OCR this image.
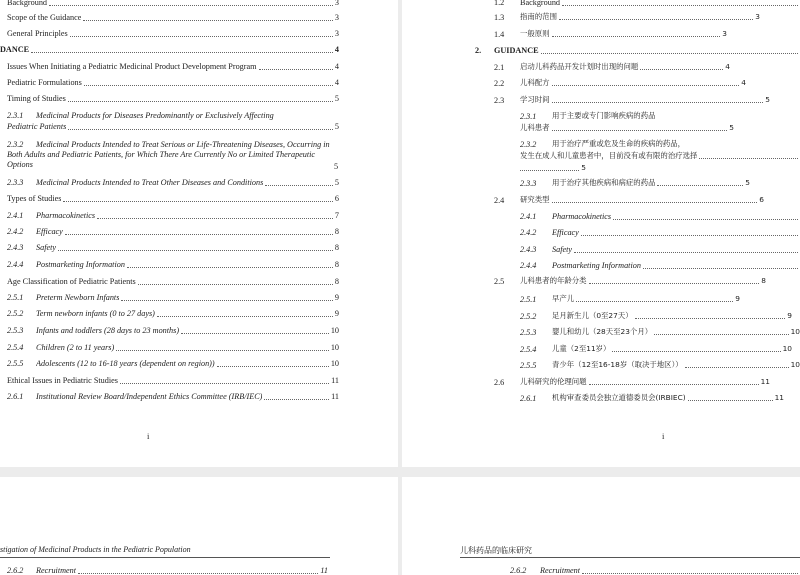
Background	3
Scope of the Guidance	3
General Principles	3
DANCE	4
Issues When Initiating a Pediatric Medicinal Product Development Program	4
Pediatric Formulations	4
Timing of Studies	5
2.3.1 Medicinal Products for Diseases Predominantly or Exclusively Affecting
Pediatric Patients	5
2.3.2	Medicinal Products Intended to Treat Serious or Life-Threatening Diseases, Occurring in Both Adults and Pediatric Patients, for Which There Are Currently No or Limited Therapeutic Options	5
2.3.3 Medicinal Products Intended to Treat Other Diseases and Conditions	5
Types of Studies	6
2.4.1 Pharmacokinetics	7
2.4.2 Efficacy	8
2.4.3 Safety	8
2.4.4 Postmarketing Information	8
Age Classification of Pediatric Patients	8
2.5.1 Preterm Newborn Infants	9
2.5.2 Term newborn infants (0 to 27 days)	9
2.5.3 Infants and toddlers (28 days to 23 months)	10
2.5.4 Children (2 to 11 years)	10
2.5.5 Adolescents (12 to 16-18 years (dependent on region))	10
Ethical Issues in Pediatric Studies	11
2.6.1 Institutional Review Board/Independent Ethics Committee (IRB/IEC)	11
i
1.2 Background
1.3 指南的范围	3
1.4 一般原则	3
2. GUIDANCE
2.1 启动儿科药品开发计划时出现的问题	4
2.2 儿科配方	4
2.3 学习时间	5
2.3.1 用于主要或专门影响疾病的药品
儿科患者	5
2.3.2 用于治疗严重或危及生命的疾病的药品，
发生在成人和儿童患者中，目前没有或有限的治疗选择
5
2.3.3 用于治疗其他疾病和病症的药品	5
2.4 研究类型	6
2.4.1 Pharmacokinetics
2.4.2 Efficacy
2.4.3 Safety
2.4.4 Postmarketing Information
2.5 儿科患者的年龄分类	8
2.5.1 早产儿	9
2.5.2 足月新生儿（0至27天）	9
2.5.3 婴儿和幼儿（28天至23个月）	10
2.5.4 儿童（2至11岁）	10
2.5.5 青少年（12至16-18岁（取决于地区））	10
2.6 儿科研究的伦理问题	11
2.6.1 机构审查委员会独立道德委员会(IRBIEC)	11
i
stigation of Medicinal Products in the Pediatric Population
2.6.2 Recruitment	11
儿科药品的临床研究
2.6.2 Recruitment
